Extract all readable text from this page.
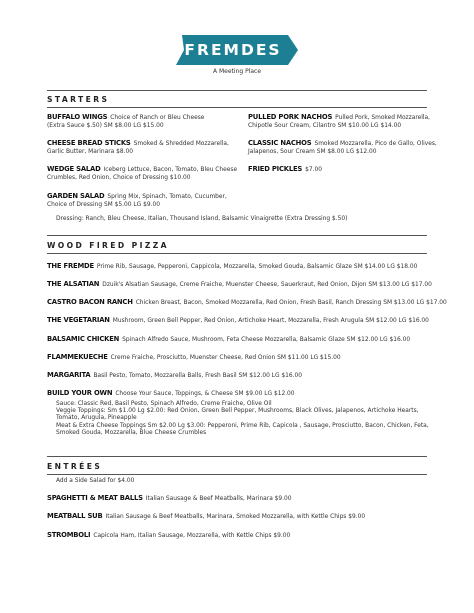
FREMDES
A Meeting Place
STARTERS
BUFFALO WINGS Choice of Ranch or Bleu Cheese
(Extra Sauce $.50) SM $8.00 LG $15.00
PULLED PORK NACHOS Pulled Pork, Smoked Mozzarella,
Chipotle Sour Cream, Cilantro SM $10.00 LG $14.00
CHEESE BREAD STICKS Smoked & Shredded Mozzarella,
Garlic Butter, Marinara $8.00
CLASSIC NACHOS Smoked Mozzarella, Pico de Gallo, Olives,
Jalapenos, Sour Cream SM $8.00 LG $12.00
WEDGE SALAD Iceberg Lettuce, Bacon, Tomato, Bleu Cheese
Crumbles, Red Onion, Choice of Dressing $10.00
FRIED PICKLES $7.00
GARDEN SALAD Spring Mix, Spinach, Tomato, Cucumber,
Choice of Dressing SM $5.00 LG $9.00
Dressing: Ranch, Bleu Cheese, Italian, Thousand Island, Balsamic Vinaigrette (Extra Dressing $.50)
WOOD FIRED PIZZA
THE FREMDE Prime Rib, Sausage, Pepperoni, Cappicola, Mozzarella, Smoked Gouda, Balsamic Glaze SM $14.00 LG $18.00
THE ALSATIAN Dzuik's Alsatian Sausage, Creme Fraiche, Muenster Cheese, Sauerkraut, Red Onion, Dijon SM $13.00 LG $17.00
CASTRO BACON RANCH Chicken Breast, Bacon, Smoked Mozzarella, Red Onion, Fresh Basil, Ranch Dressing SM $13.00 LG $17.00
THE VEGETARIAN Mushroom, Green Bell Pepper, Red Onion, Artichoke Heart, Mozzarella, Fresh Arugula SM $12.00 LG $16.00
BALSAMIC CHICKEN Spinach Alfredo Sauce, Mushroom, Feta Cheese Mozzarella, Balsamic Glaze SM $12.00 LG $16.00
FLAMMEKUECHE Creme Fraiche, Prosciutto, Muenster Cheese, Red Onion SM $11.00 LG $15.00
MARGARITA Basil Pesto, Tomato, Mozzarella Balls, Fresh Basil SM $12.00 LG $16.00
BUILD YOUR OWN Choose Your Sauce, Toppings, & Cheese SM $9.00 LG $12.00
Sauce: Classic Red, Basil Pesto, Spinach Alfredo, Creme Fraiche, Olive Oil
Veggie Toppings: Sm $1.00 Lg $2.00: Red Onion, Green Bell Pepper, Mushrooms, Black Olives, Jalapenos, Artichoke Hearts,
Tomato, Arugula, Pineapple
Meat & Extra Cheese Toppings Sm $2.00 Lg $3.00: Pepperoni, Prime Rib, Capicola , Sausage, Prosciutto, Bacon, Chicken, Feta,
Smoked Gouda, Mozzarella, Blue Cheese Crumbles
ENTRÉES
Add a Side Salad for $4.00
SPAGHETTI & MEAT BALLS Italian Sausage & Beef Meatballs, Marinara $9.00
MEATBALL SUB Italian Sausage & Beef Meatballs, Marinara, Smoked Mozzarella, with Kettle Chips $9.00
STROMBOLI Capicola Ham, Italian Sausage, Mozzarella, with Kettle Chips $9.00
